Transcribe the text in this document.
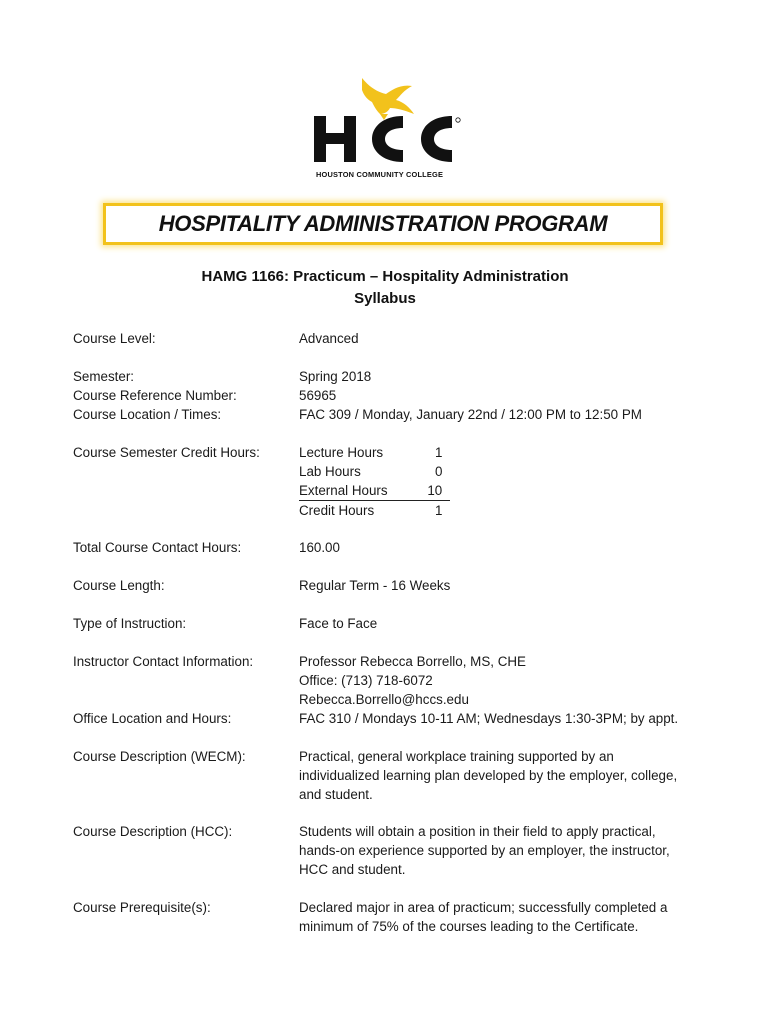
HOUSTON COMMUNITY COLLEGE
HOSPITALITY ADMINISTRATION PROGRAM
HAMG 1166: Practicum – Hospitality Administration
Syllabus
Course Level:	Advanced
Semester:	Spring 2018
Course Reference Number:	56965
Course Location / Times:	FAC 309 / Monday, January 22nd / 12:00 PM to 12:50 PM
Course Semester Credit Hours:	Lecture Hours	1
Lab Hours	0
External Hours	10
Credit Hours	1
Total Course Contact Hours:	160.00
Course Length:	Regular Term - 16 Weeks
Type of Instruction:	Face to Face
Instructor Contact Information:	Professor Rebecca Borrello, MS, CHE
Office: (713) 718-6072
Rebecca.Borrello@hccs.edu
Office Location and Hours:	FAC 310 / Mondays 10-11 AM; Wednesdays 1:30-3PM; by appt.
Course Description (WECM):	Practical, general workplace training supported by an
individualized learning plan developed by the employer, college,
and student.
Course Description (HCC):	Students will obtain a position in their field to apply practical,
hands-on experience supported by an employer, the instructor,
HCC and student.
Course Prerequisite(s):	Declared major in area of practicum; successfully completed a
minimum of 75% of the courses leading to the Certificate.
